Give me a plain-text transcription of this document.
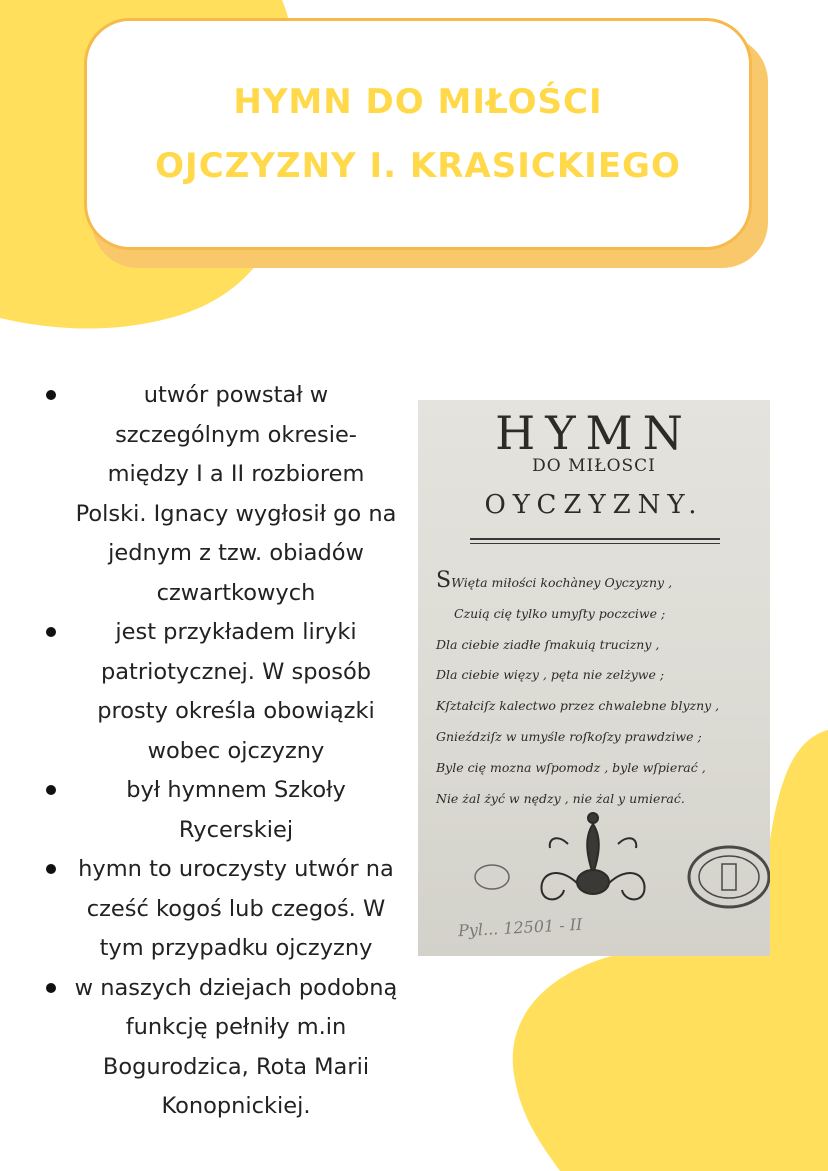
HYMN DO MIŁOŚCI
OJCZYZNY I. KRASICKIEGO
utwór powstał w szczególnym okresie- między I a II rozbiorem Polski. Ignacy wygłosił go na jednym z tzw. obiadów czwartkowych
jest przykładem liryki patriotycznej. W sposób prosty określa obowiązki wobec ojczyzny
był hymnem Szkoły Rycerskiej
hymn to uroczysty utwór na cześć kogoś lub czegoś. W tym przypadku ojczyzny
w naszych dziejach podobną funkcję pełniły m.in Bogurodzica, Rota Marii Konopnickiej.
HYMN
DO MIŁOSCI
OYCZYZNY.
SWięta miłości kochàney Oyczyzny ,
Czuią cię tylko umyſty poczciwe ;
Dla ciebie ziadłe ſmakuią trucizny ,
Dla ciebie więzy , pęta nie zelżywe ;
Kſztałciſz kalectwo przez chwalebne blyzny ,
Gnieździſz w umyśle roſkoſzy prawdziwe ;
Byle cię mozna wſpomodz , byle wſpierać ,
Nie żal żyć w nędzy , nie żal y umierać.
Pyl... 12501 - II
